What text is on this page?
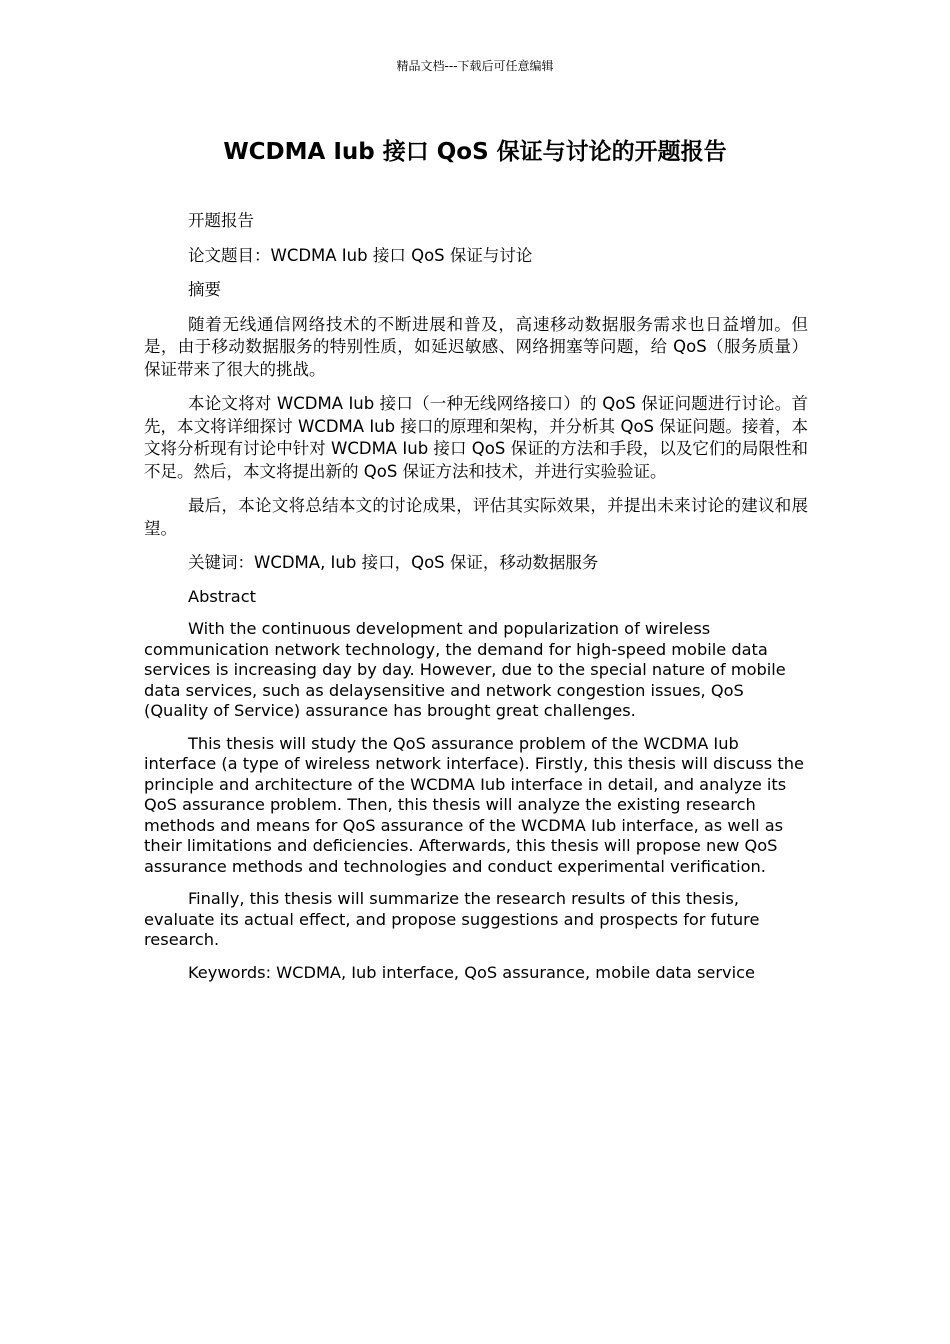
精品文档---下载后可任意编辑
WCDMA Iub 接口 QoS 保证与讨论的开题报告

开题报告

论文题目：WCDMA Iub 接口 QoS 保证与讨论

摘要

随着无线通信网络技术的不断进展和普及，高速移动数据服务需求也日益增加。但是，由于移动数据服务的特别性质，如延迟敏感、网络拥塞等问题，给 QoS（服务质量）保证带来了很大的挑战。

本论文将对 WCDMA Iub 接口（一种无线网络接口）的 QoS 保证问题进行讨论。首先，本文将详细探讨 WCDMA Iub 接口的原理和架构，并分析其 QoS 保证问题。接着，本文将分析现有讨论中针对 WCDMA Iub 接口 QoS 保证的方法和手段，以及它们的局限性和不足。然后，本文将提出新的 QoS 保证方法和技术，并进行实验验证。

最后，本论文将总结本文的讨论成果，评估其实际效果，并提出未来讨论的建议和展望。

关键词：WCDMA, Iub 接口，QoS 保证，移动数据服务

Abstract

With the continuous development and popularization of wireless communication network technology, the demand for high-speed mobile data services is increasing day by day. However, due to the special nature of mobile data services, such as delaysensitive and network congestion issues, QoS (Quality of Service) assurance has brought great challenges.

This thesis will study the QoS assurance problem of the WCDMA Iub interface (a type of wireless network interface). Firstly, this thesis will discuss the principle and architecture of the WCDMA Iub interface in detail, and analyze its QoS assurance problem. Then, this thesis will analyze the existing research methods and means for QoS assurance of the WCDMA Iub interface, as well as their limitations and deficiencies. Afterwards, this thesis will propose new QoS assurance methods and technologies and conduct experimental verification.

Finally, this thesis will summarize the research results of this thesis, evaluate its actual effect, and propose suggestions and prospects for future research.

Keywords: WCDMA, Iub interface, QoS assurance, mobile data service
